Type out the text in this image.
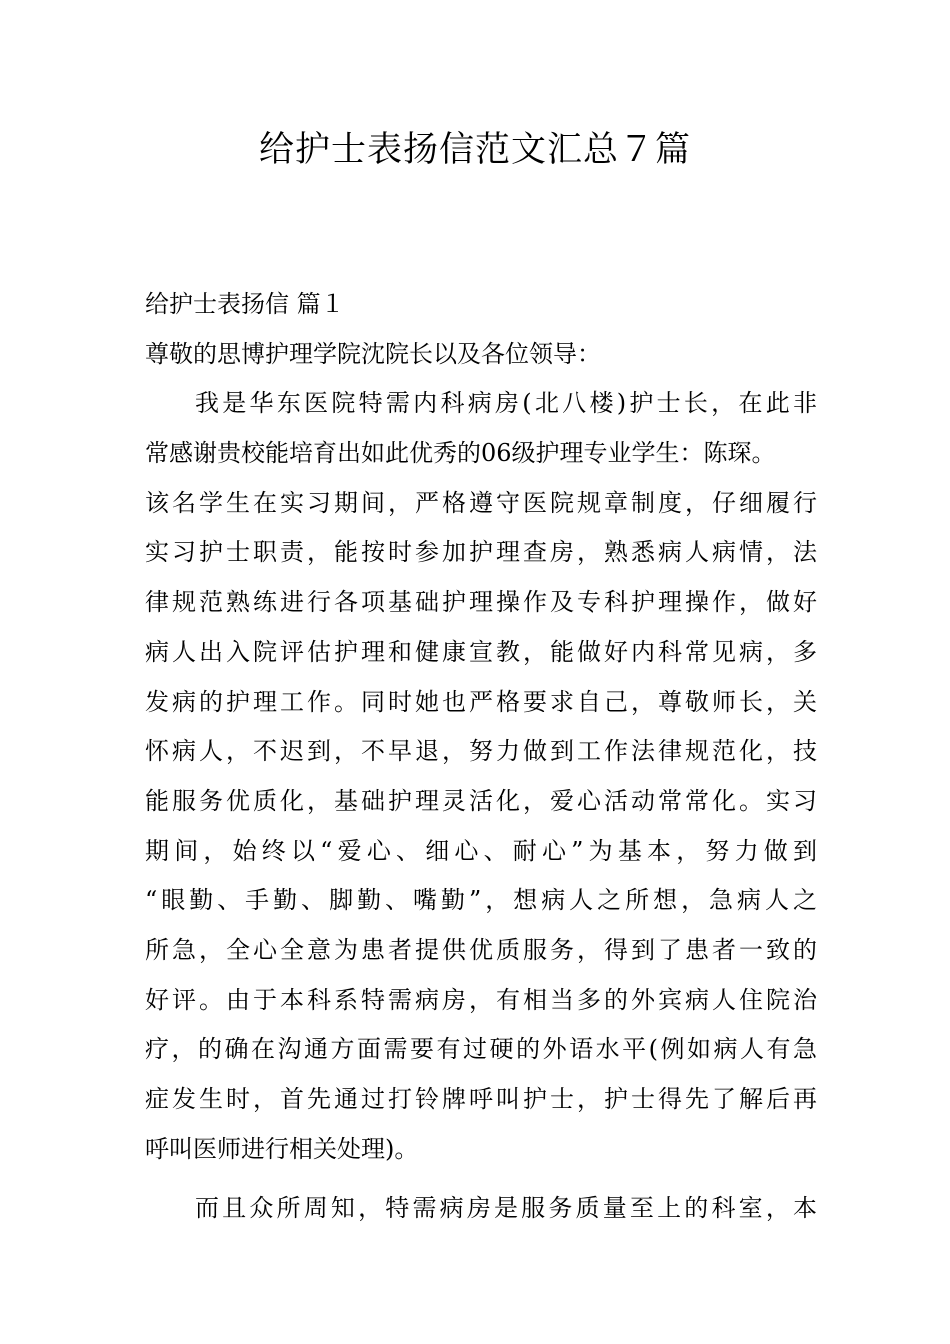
给护士表扬信范文汇总７篇

给护士表扬信 篇１

尊敬的思博护理学院沈院长以及各位领导：

我是华东医院特需内科病房(北八楼)护士长，在此非

常感谢贵校能培育出如此优秀的06级护理专业学生：陈琛。

该名学生在实习期间，严格遵守医院规章制度，仔细履行

实习护士职责，能按时参加护理查房，熟悉病人病情，法

律规范熟练进行各项基础护理操作及专科护理操作，做好

病人出入院评估护理和健康宣教，能做好内科常见病，多

发病的护理工作。同时她也严格要求自己，尊敬师长，关

怀病人，不迟到，不早退，努力做到工作法律规范化，技

能服务优质化，基础护理灵活化，爱心活动常常化。实习

期间，始终以“爱心、细心、耐心”为基本，努力做到

“眼勤、手勤、脚勤、嘴勤”，想病人之所想，急病人之

所急，全心全意为患者提供优质服务，得到了患者一致的

好评。由于本科系特需病房，有相当多的外宾病人住院治

疗，的确在沟通方面需要有过硬的外语水平(例如病人有急

症发生时，首先通过打铃牌呼叫护士，护士得先了解后再

呼叫医师进行相关处理)。

而且众所周知，特需病房是服务质量至上的科室，本
